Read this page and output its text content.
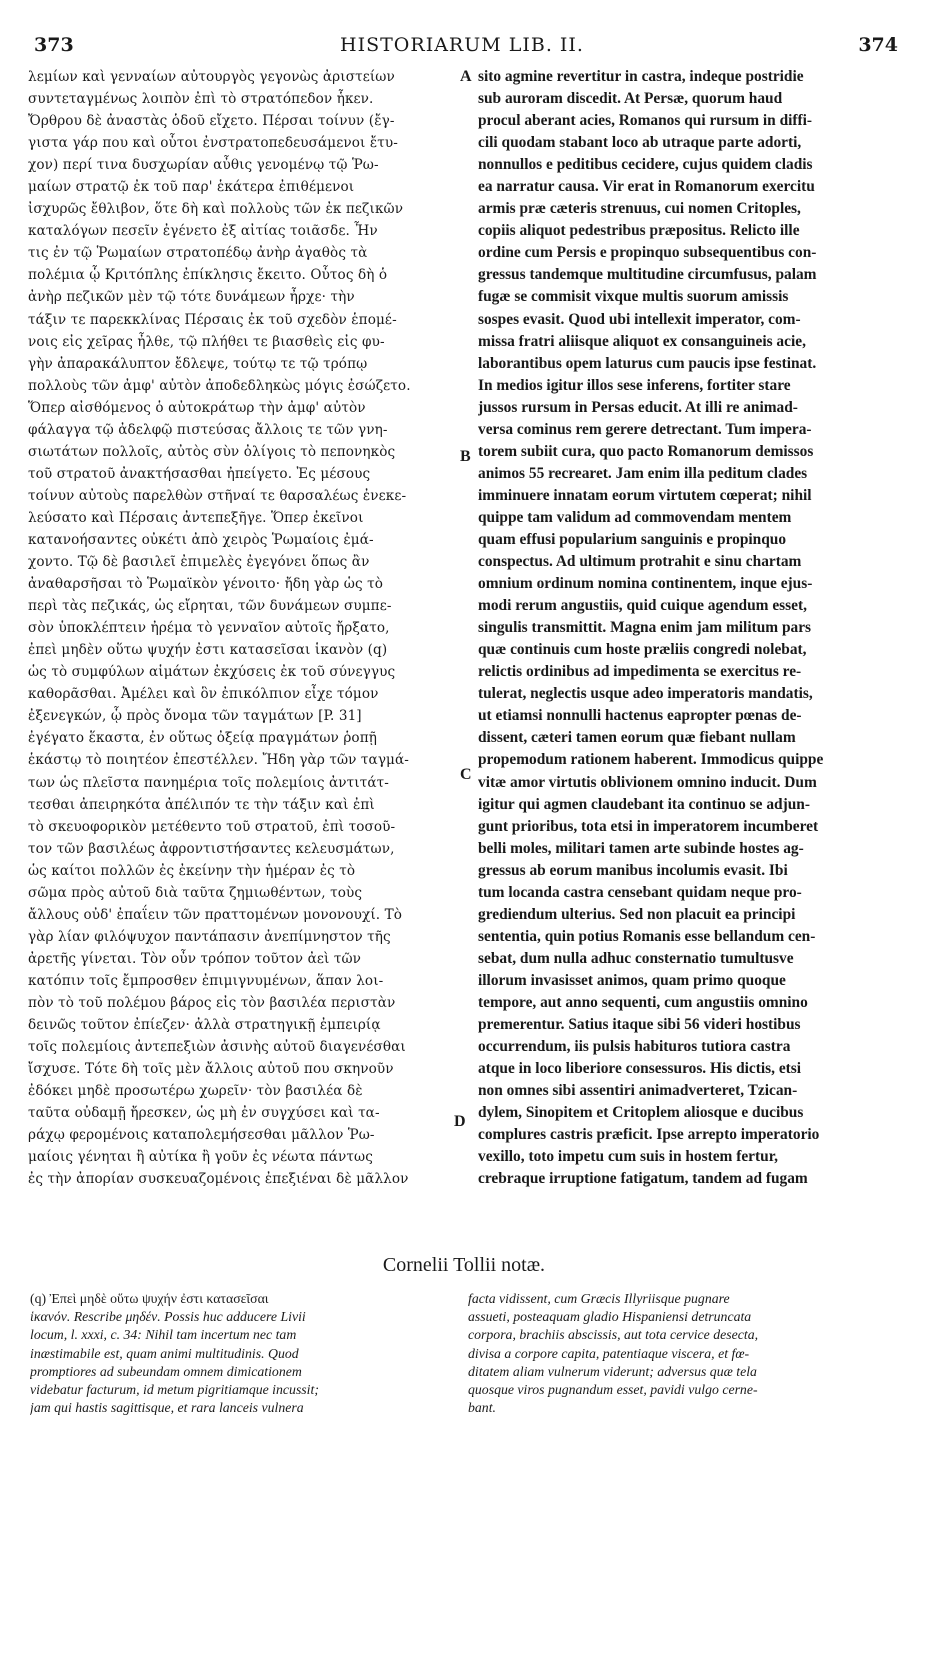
373	HISTORIARUM LIB. II.	374
λεμίων καὶ γενναίων αὐτουργὸς γεγονὼς ἀριστείων
συντεταγμένως λοιπὸν ἐπὶ τὸ στρατόπεδον ἧκεν.
Ὄρθρου δὲ ἀναστὰς ὁδοῦ εἴχετο. Πέρσαι τοίνυν (ἔγ-
γιστα γάρ που καὶ οὗτοι ἐνστρατοπεδευσάμενοι ἔτυ-
χον) περί τινα δυσχωρίαν αὖθις γενομένῳ τῷ Ῥω-
μαίων στρατῷ ἐκ τοῦ παρ' ἑκάτερα ἐπιθέμενοι
ἰσχυρῶς ἔθλιβον, ὅτε δὴ καὶ πολλοὺς τῶν ἐκ πεζικῶν
καταλόγων πεσεῖν ἐγένετο ἐξ αἰτίας τοιᾶσδε. Ἦν
τις ἐν τῷ Ῥωμαίων στρατοπέδῳ ἀνὴρ ἀγαθὸς τὰ
πολέμια ᾧ Κριτόπλης ἐπίκλησις ἔκειτο. Οὗτος δὴ ὁ
ἀνὴρ πεζικῶν μὲν τῷ τότε δυνάμεων ἦρχε· τὴν
τάξιν τε παρεκκλίνας Πέρσαις ἐκ τοῦ σχεδὸν ἑπομέ-
νοις εἰς χεῖρας ἦλθε, τῷ πλήθει τε βιασθεὶς εἰς φυ-
γὴν ἀπαρακάλυπτον ἔδλεψε, τούτῳ τε τῷ τρόπῳ
πολλοὺς τῶν ἀμφ' αὐτὸν ἀποδεδληκὼς μόγις ἐσώζετο.
Ὅπερ αἰσθόμενος ὁ αὐτοκράτωρ τὴν ἀμφ' αὐτὸν
φάλαγγα τῷ ἀδελφῷ πιστεύσας ἄλλοις τε τῶν γνη-
σιωτάτων πολλοῖς, αὐτὸς σὺν ὀλίγοις τὸ πεπονηκὸς
τοῦ στρατοῦ ἀνακτήσασθαι ἠπείγετο. Ἐς μέσους
τοίνυν αὐτοὺς παρελθὼν στῆναί τε θαρσαλέως ἐνεκε-
λεύσατο καὶ Πέρσαις ἀντεπεξῆγε. Ὅπερ ἐκεῖνοι
κατανοήσαντες οὐκέτι ἀπὸ χειρὸς Ῥωμαίοις ἐμά-
χοντο. Τῷ δὲ βασιλεῖ ἐπιμελὲς ἐγεγόνει ὅπως ἂν
ἀναθαρσῆσαι τὸ Ῥωμαϊκὸν γένοιτο· ἤδη γὰρ ὡς τὸ
περὶ τὰς πεζικάς, ὡς εἴρηται, τῶν δυνάμεων συμπε-
σὸν ὑποκλέπτειν ἠρέμα τὸ γενναῖον αὐτοῖς ἤρξατο,
ἐπεὶ μηδὲν οὕτω ψυχήν ἐστι κατασεῖσαι ἱκανὸν (q)
ὡς τὸ συμφύλων αἱμάτων ἐκχύσεις ἐκ τοῦ σύνεγγυς
καθορᾶσθαι. Ἀμέλει καὶ ὃν ἐπικόλπιον εἶχε τόμον
ἐξενεγκών, ᾧ πρὸς ὄνομα τῶν ταγμάτων [P. 31]
ἐγέγατο ἕκαστα, ἐν οὕτως ὀξείᾳ πραγμάτων ῥοπῇ
ἑκάστῳ τὸ ποιητέον ἐπεστέλλεν. Ἤδη γὰρ τῶν ταγμά-
των ὡς πλεῖστα πανημέρια τοῖς πολεμίοις ἀντιτάτ-
τεσθαι ἀπειρηκότα ἀπέλιπόν τε τὴν τάξιν καὶ ἐπὶ
τὸ σκευοφορικὸν μετέθεντο τοῦ στρατοῦ, ἐπὶ τοσοῦ-
τον τῶν βασιλέως ἀφροντιστήσαντες κελευσμάτων,
ὡς καίτοι πολλῶν ἐς ἐκείνην τὴν ἡμέραν ἐς τὸ
σῶμα πρὸς αὐτοῦ διὰ ταῦτα ζημιωθέντων, τοὺς
ἄλλους οὐδ' ἐπαΐειν τῶν πραττομένων μονονουχί. Τὸ
γὰρ λίαν φιλόψυχον παντάπασιν ἀνεπίμνηστον τῆς
ἀρετῆς γίνεται. Τὸν οὖν τρόπον τοῦτον ἀεὶ τῶν
κατόπιν τοῖς ἔμπροσθεν ἐπιμιγνυμένων, ἅπαν λοι-
πὸν τὸ τοῦ πολέμου βάρος εἰς τὸν βασιλέα περιστὰν
δεινῶς τοῦτον ἐπίεζεν· ἀλλὰ στρατηγικῇ ἐμπειρίᾳ
τοῖς πολεμίοις ἀντεπεξιὼν ἀσινὴς αὐτοῦ διαγενέσθαι
ἴσχυσε. Τότε δὴ τοῖς μὲν ἄλλοις αὐτοῦ που σκηνοῦν
ἐδόκει μηδὲ προσωτέρω χωρεῖν· τὸν βασιλέα δὲ
ταῦτα οὐδαμῇ ἤρεσκεν, ὡς μὴ ἐν συγχύσει καὶ τα-
ράχῳ φερομένοις καταπολεμήσεσθαι μᾶλλον Ῥω-
μαίοις γένηται ἢ αὐτίκα ἢ γοῦν ἐς νέωτα πάντως
ἐς τὴν ἀπορίαν συσκευαζομένοις ἐπεξιέναι δὲ μᾶλλον
sito agmine revertitur in castra, indeque postridie
sub auroram discedit. At Persæ, quorum haud
procul aberant acies, Romanos qui rursum in diffi-
cili quodam stabant loco ab utraque parte adorti,
nonnullos e peditibus cecidere, cujus quidem cladis
ea narratur causa. Vir erat in Romanorum exercitu
armis præ cæteris strenuus, cui nomen Critoples,
copiis aliquot pedestribus præpositus. Relicto ille
ordine cum Persis e propinquo subsequentibus con-
gressus tandemque multitudine circumfusus, palam
fugæ se commisit vixque multis suorum amissis
sospes evasit. Quod ubi intellexit imperator, com-
missa fratri aliisque aliquot ex consanguineis acie,
laborantibus opem laturus cum paucis ipse festinat.
In medios igitur illos sese inferens, fortiter stare
jussos rursum in Persas educit. At illi re animad-
versa cominus rem gerere detrectant. Tum impera-
torem subiit cura, quo pacto Romanorum demissos
animos 55 recrearet. Jam enim illa peditum clades
imminuere innatam eorum virtutem cœperat; nihil
quippe tam validum ad commovendam mentem
quam effusi popularium sanguinis e propinquo
conspectus. Ad ultimum protrahit e sinu chartam
omnium ordinum nomina continentem, inque ejus-
modi rerum angustiis, quid cuique agendum esset,
singulis transmittit. Magna enim jam militum pars
quæ continuis cum hoste præliis congredi nolebat,
relictis ordinibus ad impedimenta se exercitus re-
tulerat, neglectis usque adeo imperatoris mandatis,
ut etiamsi nonnulli hactenus eapropter pœnas de-
dissent, cæteri tamen eorum quæ fiebant nullam
propemodum rationem haberent. Immodicus quippe
vitæ amor virtutis oblivionem omnino inducit. Dum
igitur qui agmen claudebant ita continuo se adjun-
gunt prioribus, tota etsi in imperatorem incumberet
belli moles, militari tamen arte subinde hostes ag-
gressus ab eorum manibus incolumis evasit. Ibi
tum locanda castra censebant quidam neque pro-
grediendum ulterius. Sed non placuit ea principi
sententia, quin potius Romanis esse bellandum cen-
sebat, dum nulla adhuc consternatio tumultusve
illorum invasisset animos, quam primo quoque
tempore, aut anno sequenti, cum angustiis omnino
premerentur. Satius itaque sibi 56 videri hostibus
occurrendum, iis pulsis habituros tutiora castra
atque in loco liberiore consessuros. His dictis, etsi
non omnes sibi assentiri animadverteret, Tzican-
dylem, Sinopitem et Critoplem aliosque e ducibus
complures castris præficit. Ipse arrepto imperatorio
vexillo, toto impetu cum suis in hostem fertur,
crebraque irruptione fatigatum, tandem ad fugam
A
B
C
D
Cornelii Tollii notæ.
(q) Ἐπεὶ μηδὲ οὕτω ψυχήν ἐστι κατασεῖσαι
ἱκανόν. Rescribe μηδέν. Possis huc adducere Livii
locum, l. xxxi, c. 34: Nihil tam incertum nec tam
inæstimabile est, quam animi multitudinis. Quod
promptiores ad subeundam omnem dimicationem
videbatur facturum, id metum pigritiamque incussit;
jam qui hastis sagittisque, et rara lanceis vulnera
facta vidissent, cum Græcis Illyriisque pugnare
assueti, posteaquam gladio Hispaniensi detruncata
corpora, brachiis abscissis, aut tota cervice desecta,
divisa a corpore capita, patentiaque viscera, et fœ-
ditatem aliam vulnerum viderunt; adversus quæ tela
quosque viros pugnandum esset, pavidi vulgo cerne-
bant.
